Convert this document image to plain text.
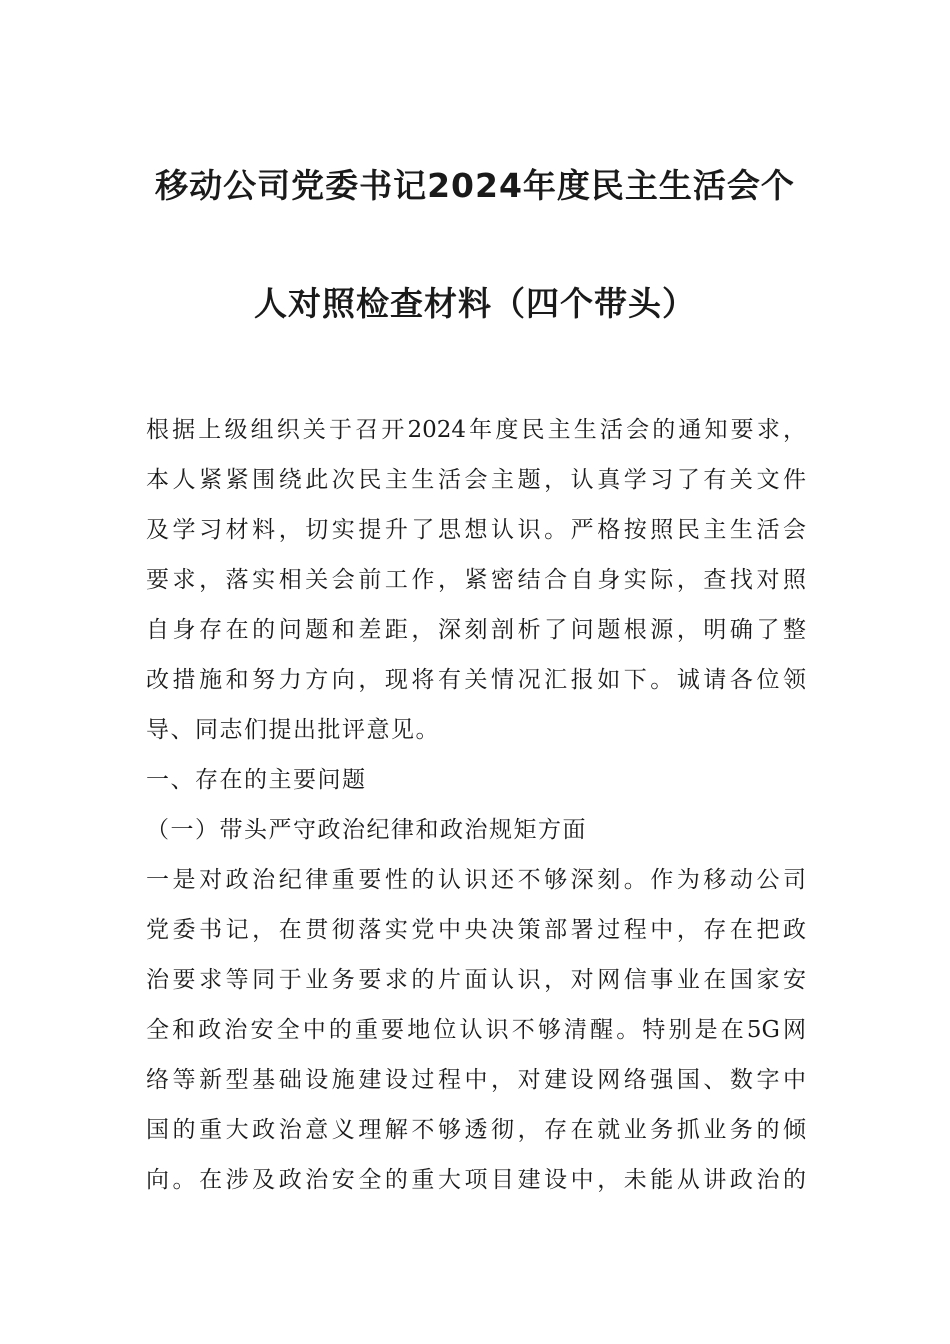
移动公司党委书记2024年度民主生活会个
人对照检查材料（四个带头）
根据上级组织关于召开2024年度民主生活会的通知要求，
本人紧紧围绕此次民主生活会主题，认真学习了有关文件
及学习材料，切实提升了思想认识。严格按照民主生活会
要求，落实相关会前工作，紧密结合自身实际，查找对照
自身存在的问题和差距，深刻剖析了问题根源，明确了整
改措施和努力方向，现将有关情况汇报如下。诚请各位领
导、同志们提出批评意见。
一、存在的主要问题
（一）带头严守政治纪律和政治规矩方面
一是对政治纪律重要性的认识还不够深刻。作为移动公司
党委书记，在贯彻落实党中央决策部署过程中，存在把政
治要求等同于业务要求的片面认识，对网信事业在国家安
全和政治安全中的重要地位认识不够清醒。特别是在5G网
络等新型基础设施建设过程中，对建设网络强国、数字中
国的重大政治意义理解不够透彻，存在就业务抓业务的倾
向。在涉及政治安全的重大项目建设中，未能从讲政治的
